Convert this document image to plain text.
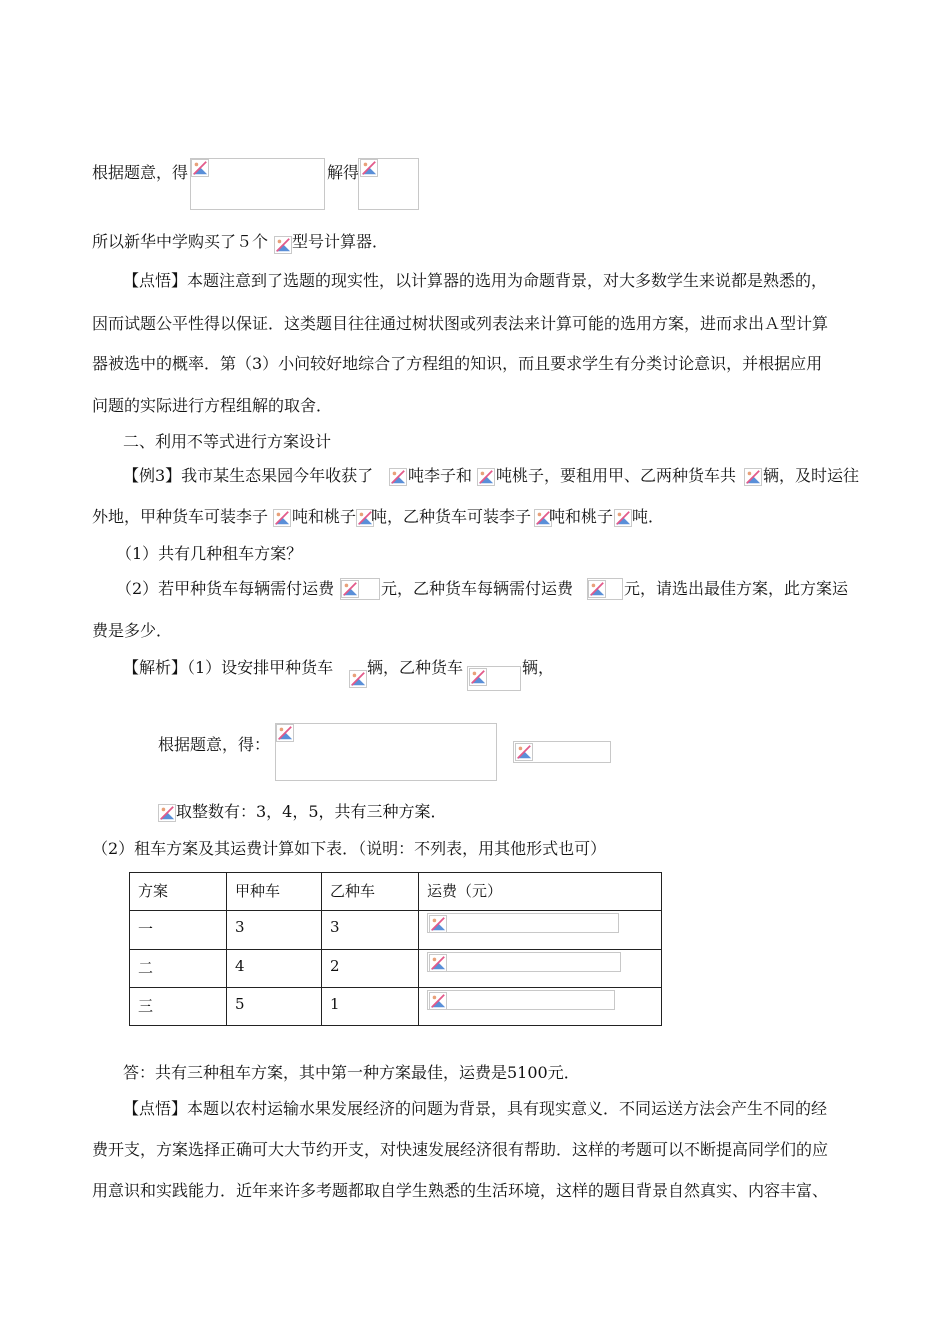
根据题意，得	解得
所以新华中学购买了５个 型号计算器．
【点悟】本题注意到了选题的现实性，以计算器的选用为命题背景，对大多数学生来说都是熟悉的，
因而试题公平性得以保证．这类题目往往通过树状图或列表法来计算可能的选用方案，进而求出Ａ型计算
器被选中的概率．第（3）小问较好地综合了方程组的知识，而且要求学生有分类讨论意识，并根据应用
问题的实际进行方程组解的取舍．
二、利用不等式进行方案设计
【例3】我市某生态果园今年收获了 吨李子和 吨桃子，要租用甲、乙两种货车共 辆，及时运往
外地，甲种货车可装李子 吨和桃子 吨，乙种货车可装李子 吨和桃子 吨．
（1）共有几种租车方案？
（2）若甲种货车每辆需付运费	元，乙种货车每辆需付运费	元，请选出最佳方案，此方案运
费是多少．
【解析】（1）设安排甲种货车 辆，乙种货车	辆，
根据题意，得：
取整数有：3，4，5，共有三种方案．
（2）租车方案及其运费计算如下表．（说明：不列表，用其他形式也可）
方案	甲种车	乙种车	运费（元）
一	3	3	

二	4	2	

三	5	1	
答：共有三种租车方案，其中第一种方案最佳，运费是5100元．
【点悟】本题以农村运输水果发展经济的问题为背景，具有现实意义．不同运送方法会产生不同的经
费开支，方案选择正确可大大节约开支，对快速发展经济很有帮助．这样的考题可以不断提高同学们的应
用意识和实践能力．近年来许多考题都取自学生熟悉的生活环境，这样的题目背景自然真实、内容丰富、
